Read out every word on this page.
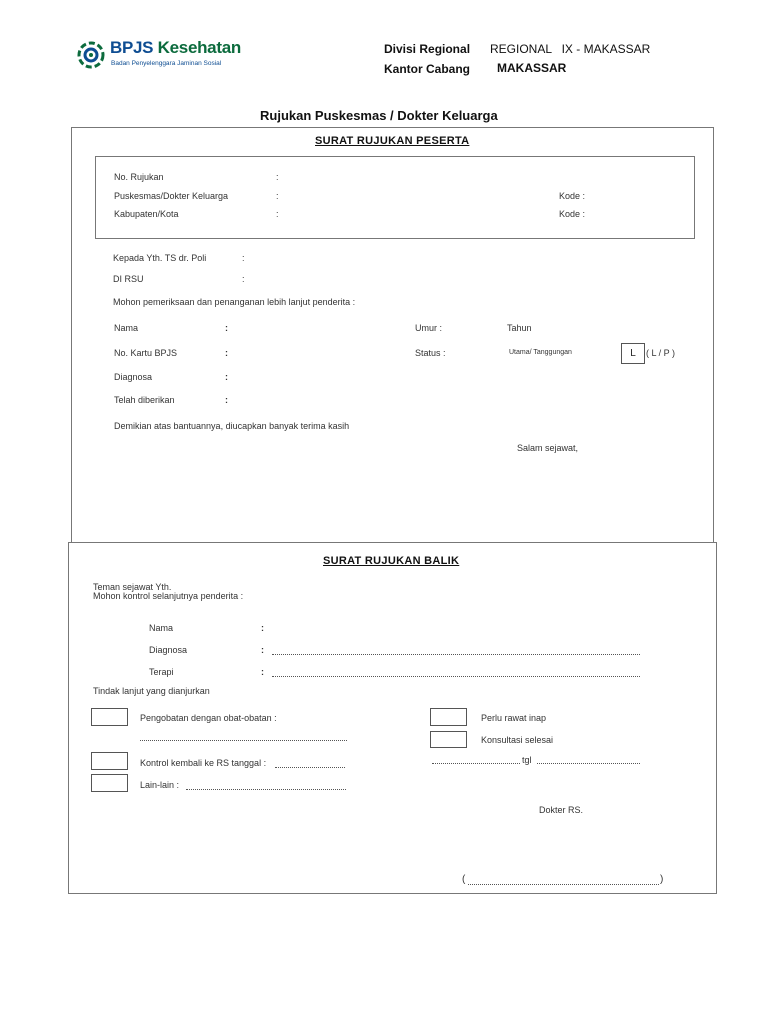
BPJS Kesehatan
Badan Penyelenggara Jaminan Sosial
Divisi Regional REGIONAL   IX - MAKASSAR
Kantor Cabang MAKASSAR
Rujukan Puskesmas / Dokter Keluarga
SURAT RUJUKAN PESERTA
No. Rujukan	:
Puskesmas/Dokter Keluarga	:	Kode :
Kabupaten/Kota	:	Kode :
Kepada Yth. TS dr. Poli	:
DI RSU	:
Mohon pemeriksaan dan penanganan lebih lanjut penderita :
Nama	:	Umur :	Tahun
No. Kartu BPJS	:	Status :	Utama/ Tanggungan	L	( L / P )
Diagnosa	:
Telah diberikan	:
Demikian atas bantuannya, diucapkan banyak terima kasih
Salam sejawat,
SURAT RUJUKAN BALIK
Teman sejawat Yth.
Mohon kontrol selanjutnya penderita :
Nama	:
Diagnosa	:
Terapi	:
Tindak lanjut yang dianjurkan
Pengobatan dengan obat-obatan :
Kontrol kembali ke RS tanggal :
Lain-lain :
Perlu rawat inap
Konsultasi selesai
tgl
Dokter RS.
(	)
